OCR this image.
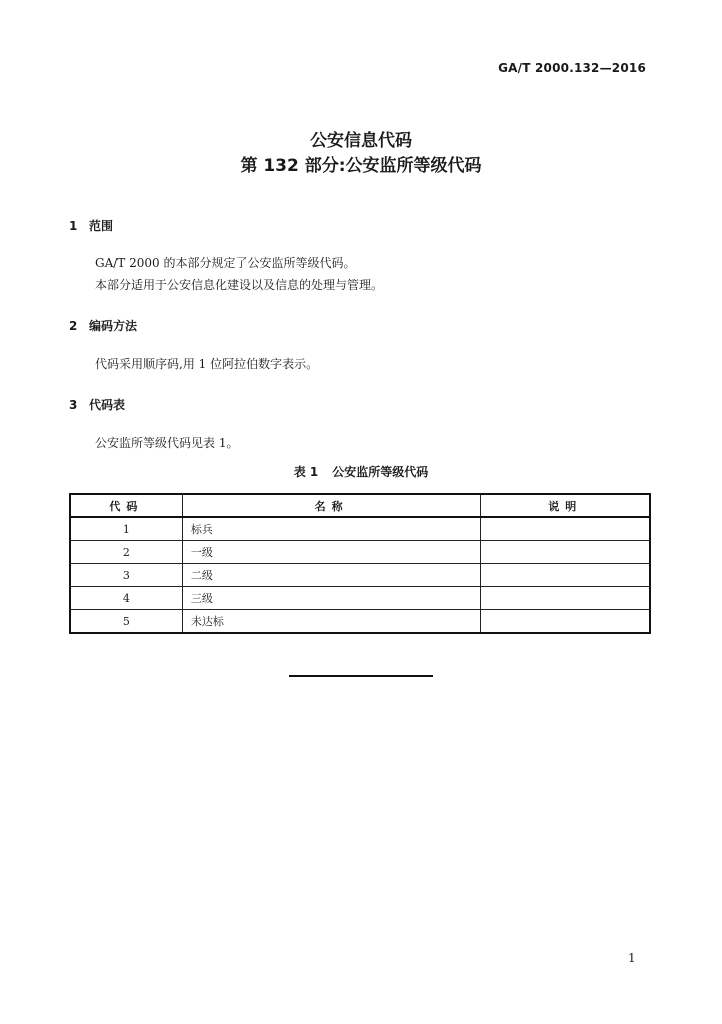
GA/T 2000.132—2016
公安信息代码
第 132 部分:公安监所等级代码
1 范围
GA/T 2000 的本部分规定了公安监所等级代码。
本部分适用于公安信息化建设以及信息的处理与管理。
2 编码方法
代码采用顺序码,用 1 位阿拉伯数字表示。
3 代码表
公安监所等级代码见表 1。
表 1 公安监所等级代码
代码	名称	说明
1	标兵	
2	一级	
3	二级	
4	三级	
5	未达标	
1
